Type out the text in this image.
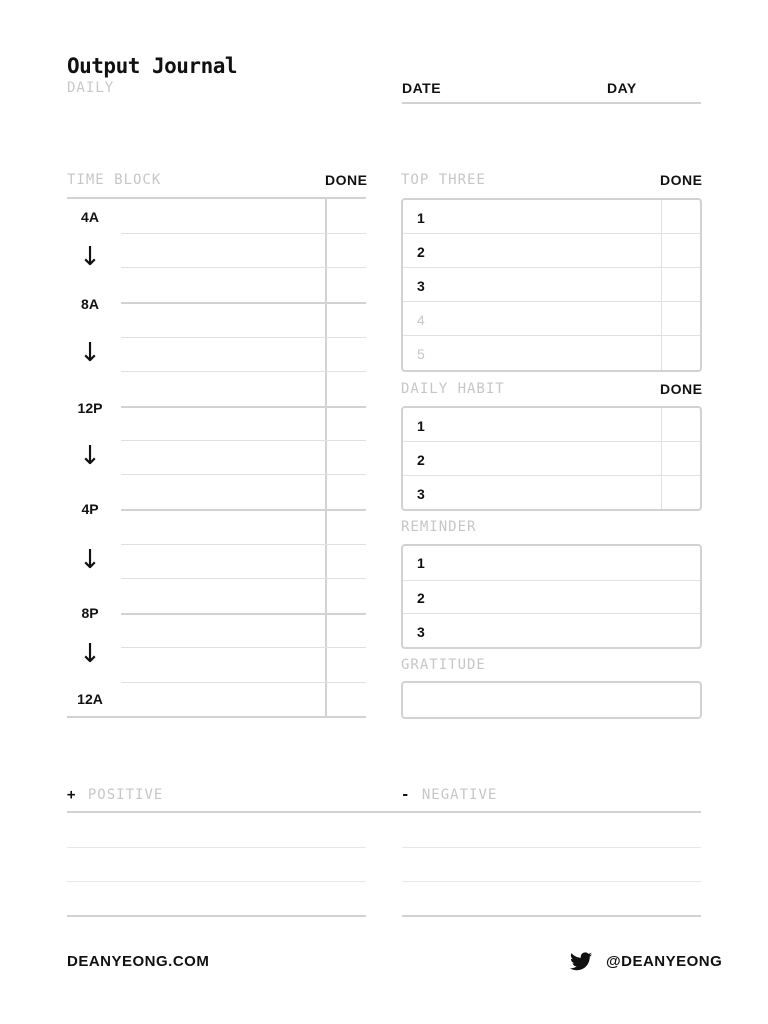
Output Journal
DAILY	DATE	DAY
TIME BLOCK	DONE
4A
↓
8A
↓
12P
↓
4P
↓
8P
↓
12A
TOP THREE	DONE
1
2
3
4
5
DAILY HABIT	DONE
1
2
3
REMINDER
1
2
3
GRATITUDE
+ POSITIVE	- NEGATIVE
DEANYEONG.COM	@DEANYEONG
